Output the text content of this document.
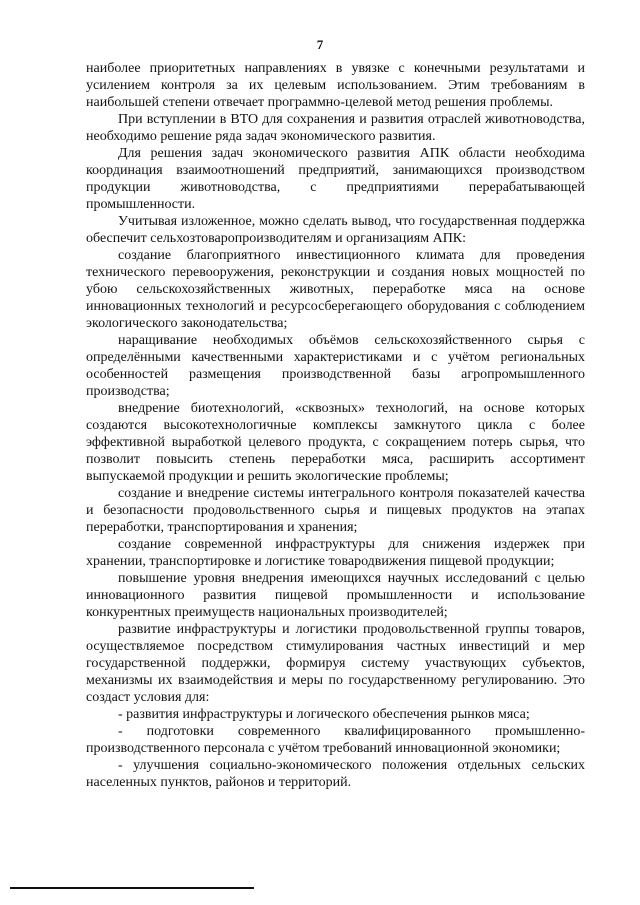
7

наиболее приоритетных направлениях в увязке с конечными результатами и усилением контроля за их целевым использованием. Этим требованиям в наибольшей степени отвечает программно-целевой метод решения проблемы.

При вступлении в ВТО для сохранения и развития отраслей животноводства, необходимо решение ряда задач экономического развития.

Для решения задач экономического развития АПК области необходима координация взаимоотношений предприятий, занимающихся производством продукции животноводства, с предприятиями перерабатывающей промышленности.

Учитывая изложенное, можно сделать вывод, что государственная поддержка обеспечит сельхозтоваропроизводителям и организациям АПК:

создание благоприятного инвестиционного климата для проведения технического перевооружения, реконструкции и создания новых мощностей по убою сельскохозяйственных животных, переработке мяса на основе инновационных технологий и ресурсосберегающего оборудования с соблюдением экологического законодательства;

наращивание необходимых объёмов сельскохозяйственного сырья с определёнными качественными характеристиками и с учётом региональных особенностей размещения производственной базы агропромышленного производства;

внедрение биотехнологий, «сквозных» технологий, на основе которых создаются высокотехнологичные комплексы замкнутого цикла с более эффективной выработкой целевого продукта, с сокращением потерь сырья, что позволит повысить степень переработки мяса, расширить ассортимент выпускаемой продукции и решить экологические проблемы;

создание и внедрение системы интегрального контроля показателей качества и безопасности продовольственного сырья и пищевых продуктов на этапах переработки, транспортирования и хранения;

создание современной инфраструктуры для снижения издержек при хранении, транспортировке и логистике товародвижения пищевой продукции;

повышение уровня внедрения имеющихся научных исследований с целью инновационного развития пищевой промышленности и использование конкурентных преимуществ национальных производителей;

развитие инфраструктуры и логистики продовольственной группы товаров, осуществляемое посредством стимулирования частных инвестиций и мер государственной поддержки, формируя систему участвующих субъектов, механизмы их взаимодействия и меры по государственному регулированию. Это создаст условия для:

- развития инфраструктуры и логического обеспечения рынков мяса;

- подготовки современного квалифицированного промышленно-производственного персонала с учётом требований инновационной экономики;

- улучшения социально-экономического положения отдельных сельских населенных пунктов, районов и территорий.
